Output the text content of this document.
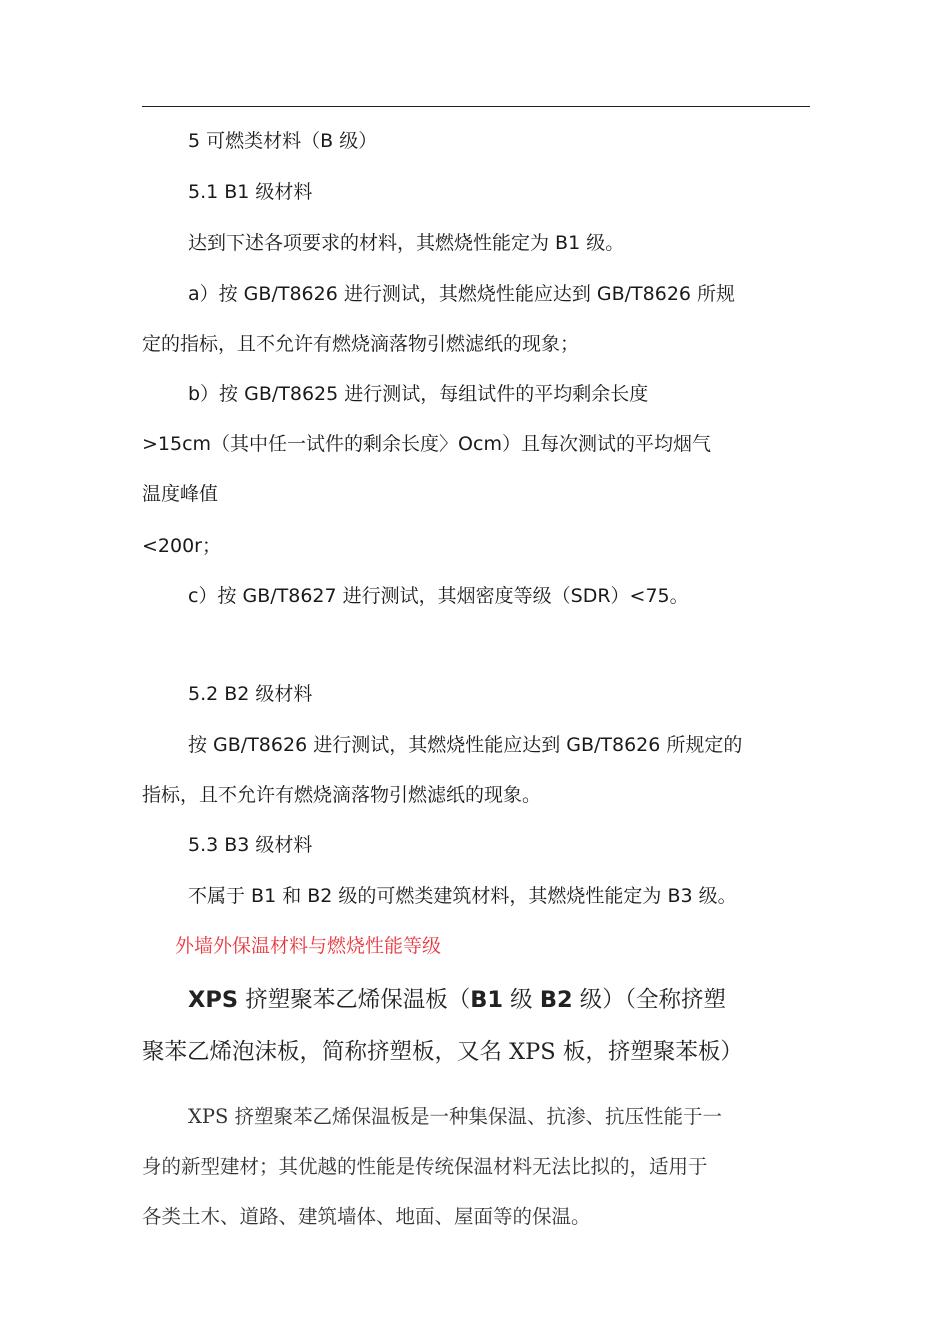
5 可燃类材料（B 级）
5.1 B1 级材料
达到下述各项要求的材料，其燃烧性能定为 B1 级。
a）按 GB/T8626 进行测试，其燃烧性能应达到 GB/T8626 所规
定的指标，且不允许有燃烧滴落物引燃滤纸的现象；
b）按 GB/T8625 进行测试，每组试件的平均剩余长度
>15cm（其中任一试件的剩余长度〉Ocm）且每次测试的平均烟气
温度峰值
<200r；
c）按 GB/T8627 进行测试，其烟密度等级（SDR）<75。
5.2 B2 级材料
按 GB/T8626 进行测试，其燃烧性能应达到 GB/T8626 所规定的
指标，且不允许有燃烧滴落物引燃滤纸的现象。
5.3 B3 级材料
不属于 B1 和 B2 级的可燃类建筑材料，其燃烧性能定为 B3 级。
外墙外保温材料与燃烧性能等级
XPS 挤塑聚苯乙烯保温板（B1 级 B2 级）（全称挤塑
聚苯乙烯泡沫板，简称挤塑板，又名 XPS 板，挤塑聚苯板）
XPS 挤塑聚苯乙烯保温板是一种集保温、抗渗、抗压性能于一
身的新型建材；其优越的性能是传统保温材料无法比拟的，适用于
各类土木、道路、建筑墙体、地面、屋面等的保温。
